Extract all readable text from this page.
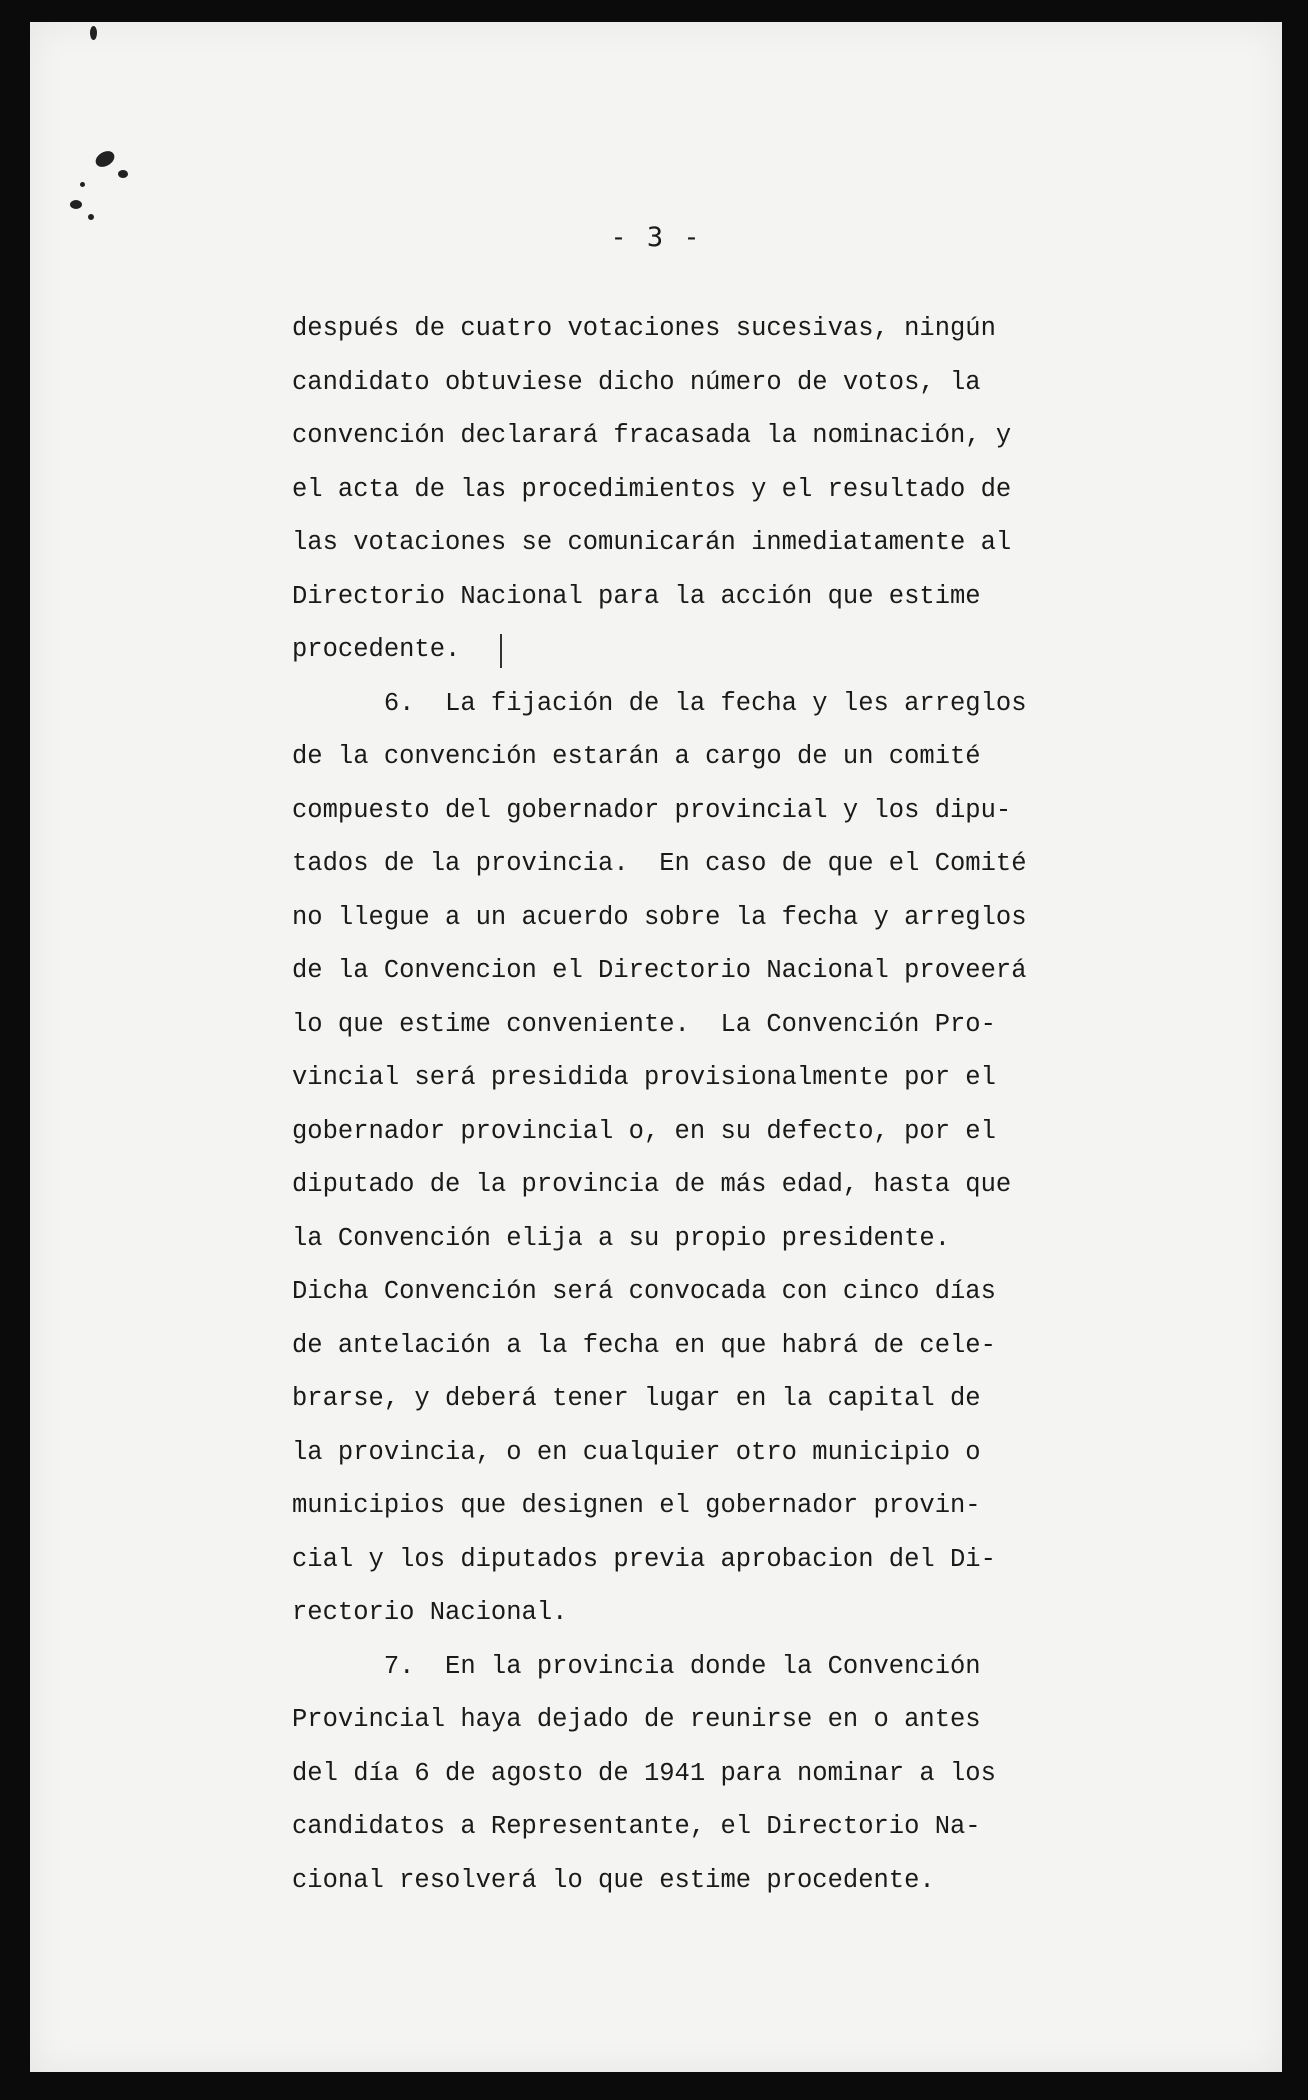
- 3 -
después de cuatro votaciones sucesivas, ningún
candidato obtuviese dicho número de votos, la
convención declarará fracasada la nominación, y
el acta de las procedimientos y el resultado de
las votaciones se comunicarán inmediatamente al
Directorio Nacional para la acción que estime
procedente.
6.  La fijación de la fecha y les arreglos
de la convención estarán a cargo de un comité
compuesto del gobernador provincial y los dipu-
tados de la provincia.  En caso de que el Comité
no llegue a un acuerdo sobre la fecha y arreglos
de la Convencion el Directorio Nacional proveerá
lo que estime conveniente.  La Convención Pro-
vincial será presidida provisionalmente por el
gobernador provincial o, en su defecto, por el
diputado de la provincia de más edad, hasta que
la Convención elija a su propio presidente.
Dicha Convención será convocada con cinco días
de antelación a la fecha en que habrá de cele-
brarse, y deberá tener lugar en la capital de
la provincia, o en cualquier otro municipio o
municipios que designen el gobernador provin-
cial y los diputados previa aprobacion del Di-
rectorio Nacional.
7.  En la provincia donde la Convención
Provincial haya dejado de reunirse en o antes
del día 6 de agosto de 1941 para nominar a los
candidatos a Representante, el Directorio Na-
cional resolverá lo que estime procedente.
